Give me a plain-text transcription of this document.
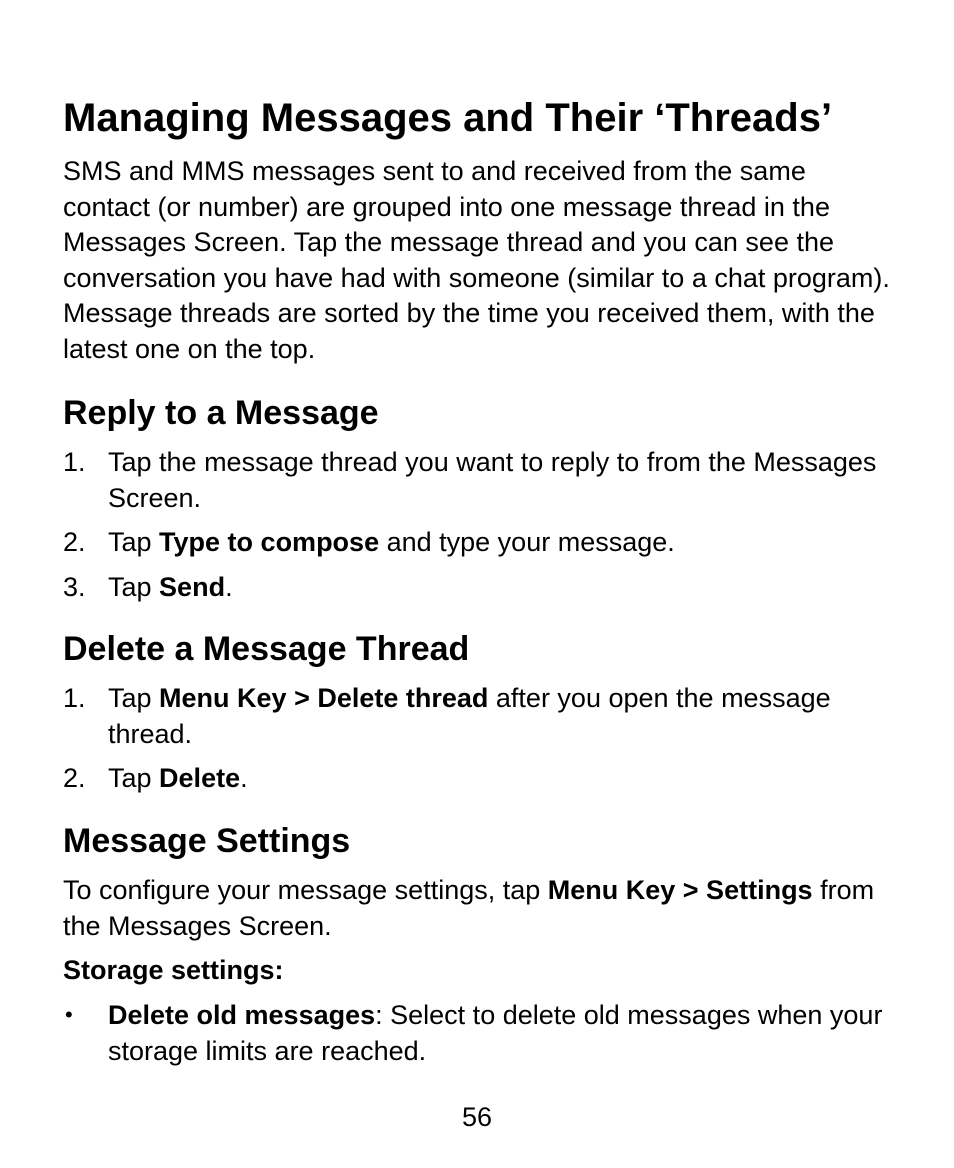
Managing Messages and Their ‘Threads’

SMS and MMS messages sent to and received from the same contact (or number) are grouped into one message thread in the Messages Screen. Tap the message thread and you can see the conversation you have had with someone (similar to a chat program). Message threads are sorted by the time you received them, with the latest one on the top.

Reply to a Message
1. Tap the message thread you want to reply to from the Messages Screen.
2. Tap Type to compose and type your message.
3. Tap Send.
Delete a Message Thread
1. Tap Menu Key > Delete thread after you open the message thread.
2. Tap Delete.
Message Settings

To configure your message settings, tap Menu Key > Settings from the Messages Screen.

Storage settings:

• Delete old messages: Select to delete old messages when your storage limits are reached.
56
